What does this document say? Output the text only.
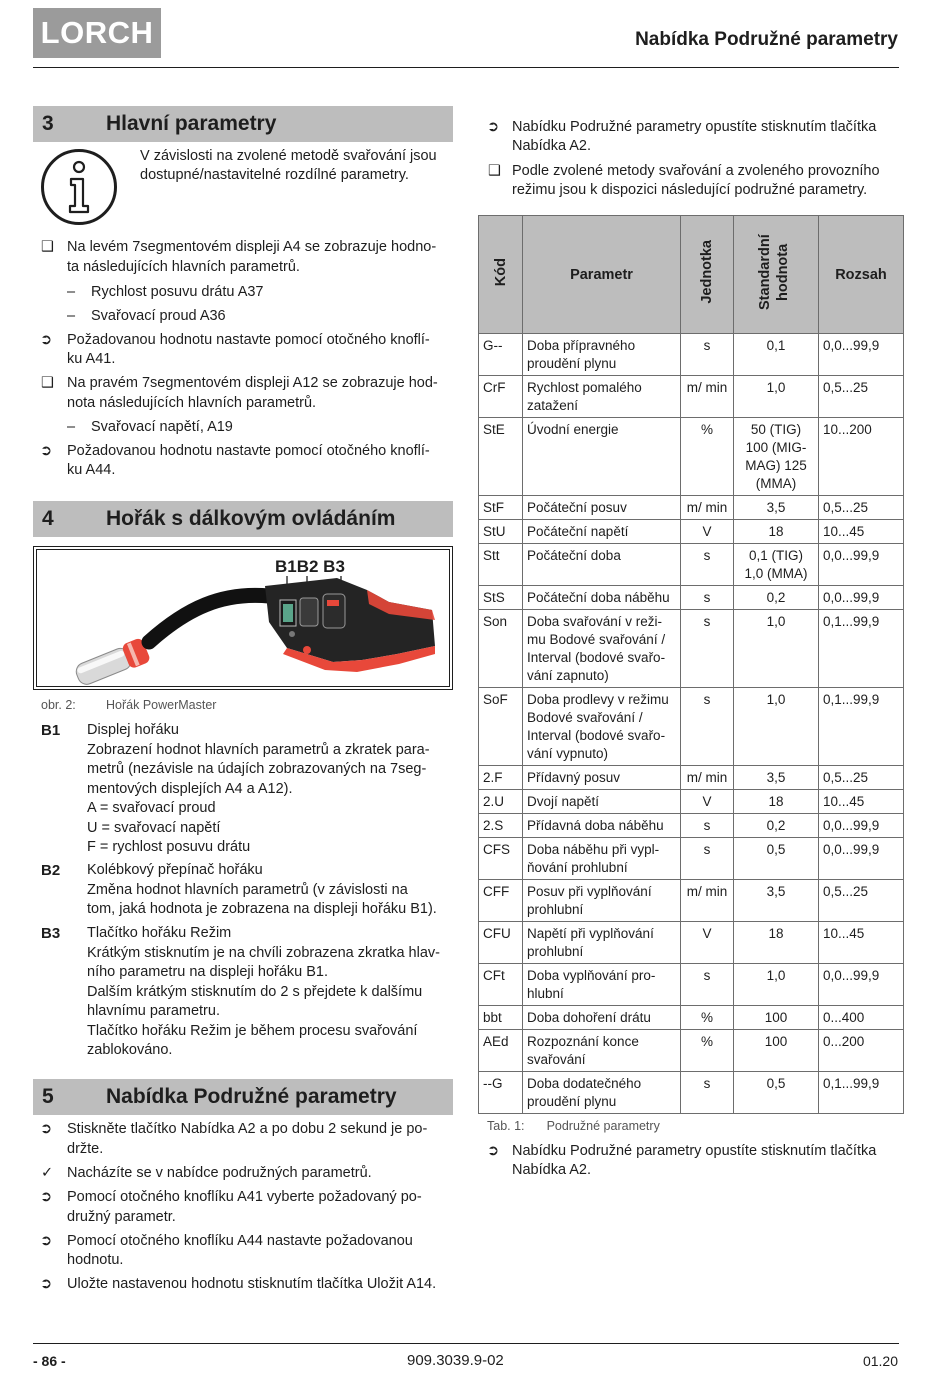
LORCH	Nabídka Podružné parametry
3 Hlavní parametry
V závislosti na zvolené metodě svařování jsou
dostupné/nastavitelné rozdílné parametry.
❑ Na levém 7segmentovém displeji A4 se zobrazuje hodno-
ta následujících hlavních parametrů.
– Rychlost posuvu drátu A37
– Svařovací proud A36
➲ Požadovanou hodnotu nastavte pomocí otočného knoflí-
ku A41.
❑ Na pravém 7segmentovém displeji A12 se zobrazuje hod-
nota následujících hlavních parametrů.
– Svařovací napětí, A19
➲ Požadovanou hodnotu nastavte pomocí otočného knoflí-
ku A44.
4 Hořák s dálkovým ovládáním
B1B2 B3
obr. 2: Hořák PowerMaster
B1 Displej hořáku
Zobrazení hodnot hlavních parametrů a zkratek para-
metrů (nezávisle na údajích zobrazovaných na 7seg-
mentových displejích A4 a A12).
A = svařovací proud
U = svařovací napětí
F = rychlost posuvu drátu
B2 Kolébkový přepínač hořáku
Změna hodnot hlavních parametrů (v závislosti na
tom, jaká hodnota je zobrazena na displeji hořáku B1).
B3 Tlačítko hořáku Režim
Krátkým stisknutím je na chvíli zobrazena zkratka hlav-
ního parametru na displeji hořáku B1.
Dalším krátkým stisknutím do 2 s přejdete k dalšímu
hlavnímu parametru.
Tlačítko hořáku Režim je během procesu svařování
zablokováno.
5 Nabídka Podružné parametry
➲ Stiskněte tlačítko Nabídka A2 a po dobu 2 sekund je po-
držte.
✓ Nacházíte se v nabídce podružných parametrů.
➲ Pomocí otočného knoflíku A41 vyberte požadovaný po-
družný parametr.
➲ Pomocí otočného knoflíku A44 nastavte požadovanou
hodnotu.
➲ Uložte nastavenou hodnotu stisknutím tlačítka Uložit A14.
➲ Nabídku Podružné parametry opustíte stisknutím tlačítka
Nabídka A2.
❑ Podle zvolené metody svařování a zvoleného provozního
režimu jsou k dispozici následující podružné parametry.
Kód	Parametr	Jednotka	Standardní hodnota	Rozsah
G--	Doba přípravného proudění plynu	s	0,1	0,0...99,9
CrF	Rychlost pomalého zatažení	m/ min	1,0	0,5...25
StE	Úvodní energie	%	50 (TIG) 100 (MIG-MAG) 125 (MMA)	10...200
StF	Počáteční posuv	m/ min	3,5	0,5...25
StU	Počáteční napětí	V	18	10...45
Stt	Počáteční doba	s	0,1 (TIG) 1,0 (MMA)	0,0...99,9
StS	Počáteční doba náběhu	s	0,2	0,0...99,9
Son	Doba svařování v reži-mu Bodové svařování / Interval (bodové svařo-vání zapnuto)	s	1,0	0,1...99,9
SoF	Doba prodlevy v režimu Bodové svařování / Interval (bodové svařo-vání vypnuto)	s	1,0	0,1...99,9
2.F	Přídavný posuv	m/ min	3,5	0,5...25
2.U	Dvojí napětí	V	18	10...45
2.S	Přídavná doba náběhu	s	0,2	0,0...99,9
CFS	Doba náběhu při vypl-ňování prohlubní	s	0,5	0,0...99,9
CFF	Posuv při vyplňování prohlubní	m/ min	3,5	0,5...25
CFU	Napětí při vyplňování prohlubní	V	18	10...45
CFt	Doba vyplňování pro-hlubní	s	1,0	0,0...99,9
bbt	Doba dohoření drátu	%	100	0...400
AEd	Rozpoznání konce svařování	%	100	0...200
--G	Doba dodatečného proudění plynu	s	0,5	0,1...99,9
Tab. 1: Podružné parametry
➲ Nabídku Podružné parametry opustíte stisknutím tlačítka
Nabídka A2.
- 86 -	909.3039.9-02	01.20
